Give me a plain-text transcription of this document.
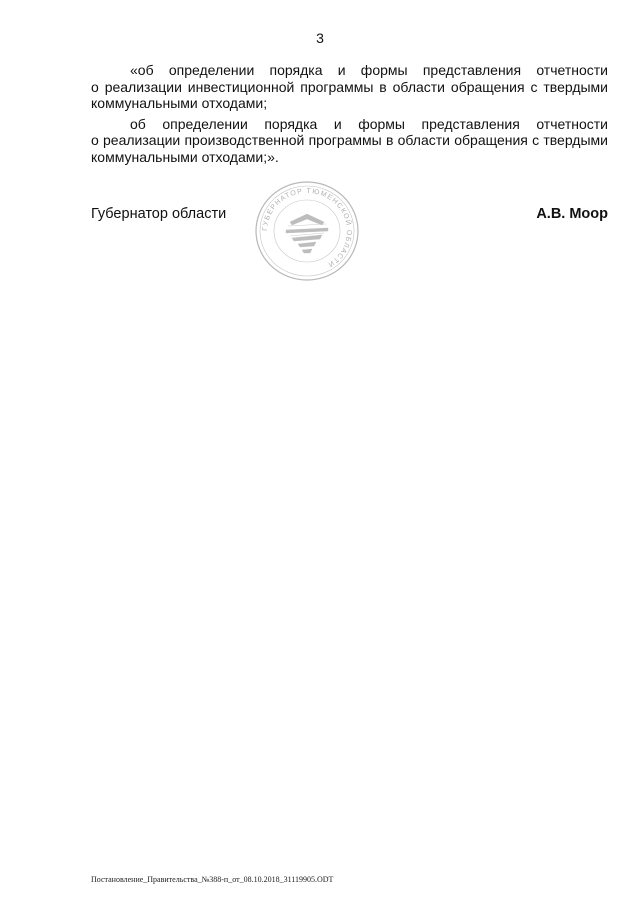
3

«об определении порядка и формы представления отчетности

о реализации инвестиционной программы в области обращения с твердыми

коммунальными отходами;

об определении порядка и формы представления отчетности

о реализации производственной программы в области обращения с твердыми

коммунальными отходами;».

Губернатор области	А.В. Моор
ГУБЕРНАТОР ТЮМЕНСКОЙ ОБЛАСТИ
Постановление_Правительства_№388-п_от_08.10.2018_31119905.ODT
